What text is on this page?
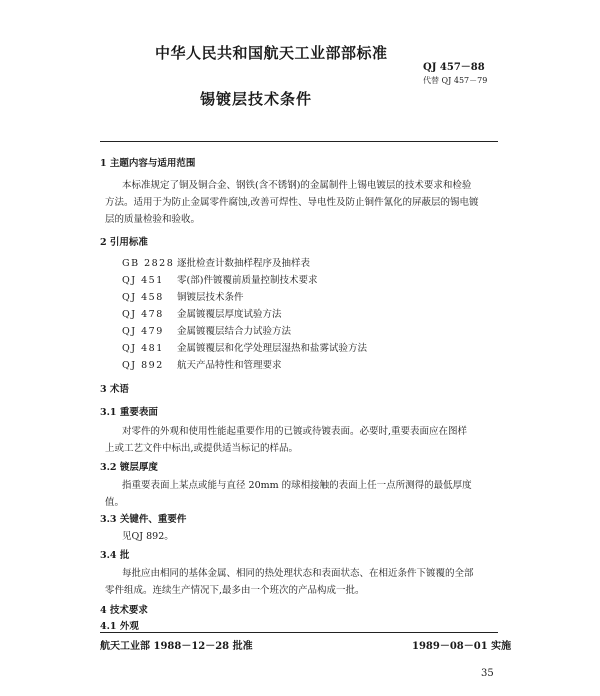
中华人民共和国航天工业部部标准
QJ 457－88
代替 QJ 457－79
锡镀层技术条件
1 主题内容与适用范围
本标准规定了铜及铜合金、钢铁(含不锈钢)的金属制件上锡电镀层的技术要求和检验
方法。适用于为防止金属零件腐蚀,改善可焊性、导电性及防止铜件氰化的屏蔽层的锡电镀
层的质量检验和验收。
2 引用标准
GB 2828 逐批检查计数抽样程序及抽样表
QJ 451 零(部)件镀覆前质量控制技术要求
QJ 458 铜镀层技术条件
QJ 478 金属镀覆层厚度试验方法
QJ 479 金属镀覆层结合力试验方法
QJ 481 金属镀覆层和化学处理层湿热和盐雾试验方法
QJ 892 航天产品特性和管理要求
3 术语
3.1 重要表面
对零件的外观和使用性能起重要作用的已镀或待镀表面。必要时,重要表面应在图样
上或工艺文件中标出,或提供适当标记的样品。
3.2 镀层厚度
指重要表面上某点或能与直径 20mm 的球相接触的表面上任一点所测得的最低厚度
值。
3.3 关键件、重要件
见QJ 892。
3.4 批
每批应由相同的基体金属、相同的热处理状态和表面状态、在相近条件下镀覆的全部
零件组成。连续生产情况下,最多由一个班次的产品构成一批。
4 技术要求
4.1 外观
航天工业部 1988－12－28 批准	1989－08－01 实施
35
